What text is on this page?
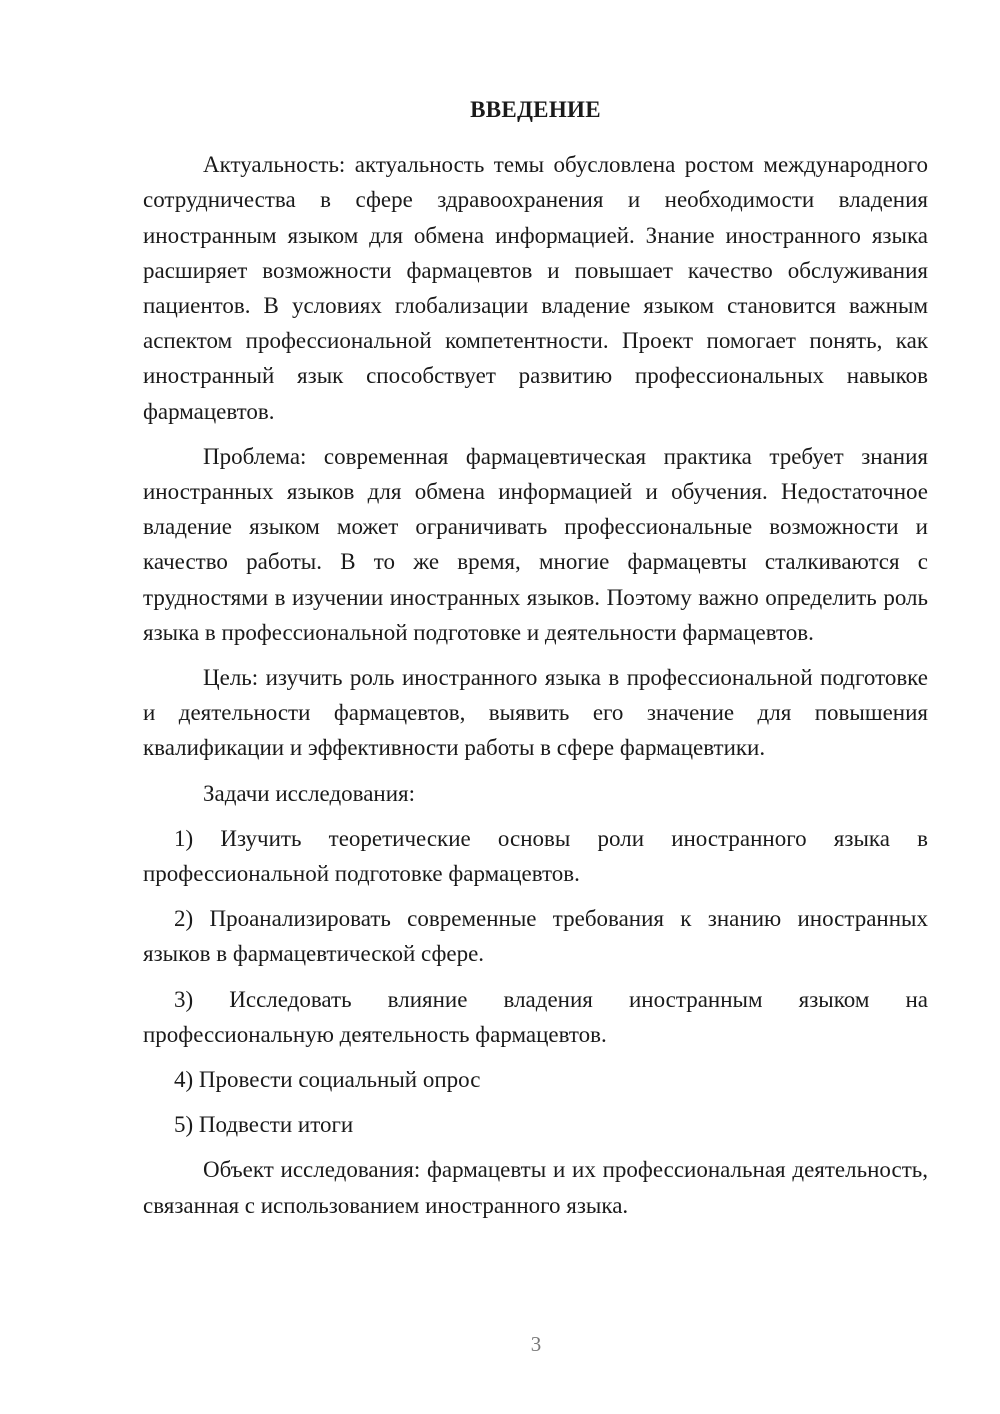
ВВЕДЕНИЕ

Актуальность: актуальность темы обусловлена ростом международного сотрудничества в сфере здравоохранения и необходимости владения иностранным языком для обмена информацией. Знание иностранного языка расширяет возможности фармацевтов и повышает качество обслуживания пациентов. В условиях глобализации владение языком становится важным аспектом профессиональной компетентности. Проект помогает понять, как иностранный язык способствует развитию профессиональных навыков фармацевтов.

Проблема: современная фармацевтическая практика требует знания иностранных языков для обмена информацией и обучения. Недостаточное владение языком может ограничивать профессиональные возможности и качество работы. В то же время, многие фармацевты сталкиваются с трудностями в изучении иностранных языков. Поэтому важно определить роль языка в профессиональной подготовке и деятельности фармацевтов.

Цель: изучить роль иностранного языка в профессиональной подготовке и деятельности фармацевтов, выявить его значение для повышения квалификации и эффективности работы в сфере фармацевтики.

Задачи исследования:

1) Изучить теоретические основы роли иностранного языка в профессиональной подготовке фармацевтов.

2) Проанализировать современные требования к знанию иностранных языков в фармацевтической сфере.

3) Исследовать влияние владения иностранным языком на профессиональную деятельность фармацевтов.

4) Провести социальный опрос

5) Подвести итоги

Объект исследования: фармацевты и их профессиональная деятельность, связанная с использованием иностранного языка.

3
